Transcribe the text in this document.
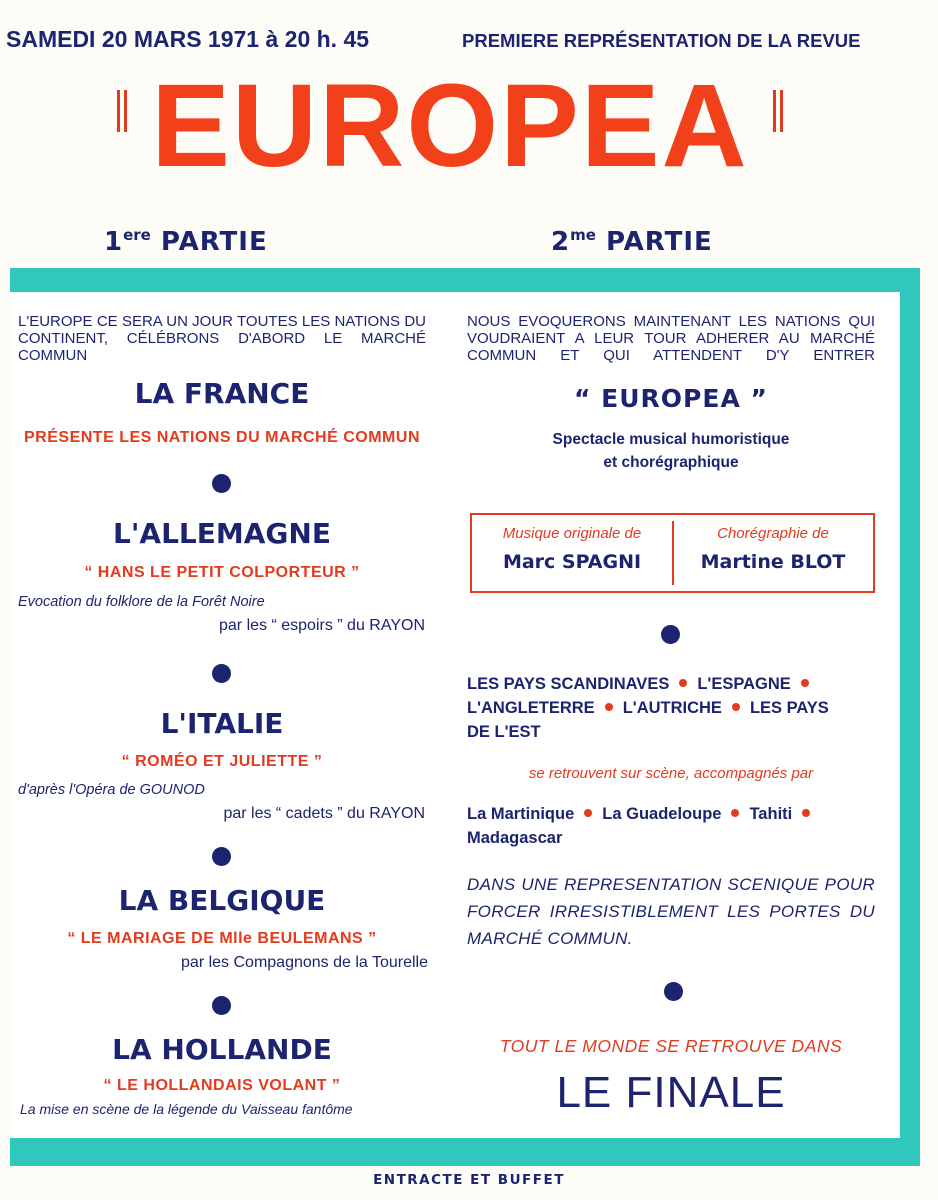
SAMEDI 20 MARS 1971 à 20 h. 45	PREMIERE REPRÉSENTATION DE LA REVUE
EUROPEA
1ere PARTIE	$2^{me}$ PARTIE
L'EUROPE CE SERA UN JOUR TOUTES LES NATIONS DU CONTINENT, CÉLÉBRONS D'ABORD LE MARCHÉ COMMUN
LA FRANCE
PRÉSENTE LES NATIONS DU MARCHÉ COMMUN
L'ALLEMAGNE
“ HANS LE PETIT COLPORTEUR ”
Evocation du folklore de la Forêt Noire
par les “ espoirs ” du RAYON
L'ITALIE
“ ROMÉO ET JULIETTE ”
d'après l'Opéra de GOUNOD
par les “ cadets ” du RAYON
LA BELGIQUE
“ LE MARIAGE DE Mlle BEULEMANS ”
par les Compagnons de la Tourelle
LA HOLLANDE
“ LE HOLLANDAIS VOLANT ”
La mise en scène de la légende du Vaisseau fantôme
NOUS EVOQUERONS MAINTENANT LES NATIONS QUI VOUDRAIENT A LEUR TOUR ADHERER AU MARCHÉ COMMUN ET QUI ATTENDENT D'Y ENTRER
“ EUROPEA ”
Spectacle musical humoristique
et chorégraphique
Musique originale de
Marc SPAGNI
Chorégraphie de
Martine BLOT
LES PAYS SCANDINAVES L'ESPAGNE
L'ANGLETERRE L'AUTRICHE LES PAYS
DE L'EST
se retrouvent sur scène, accompagnés par
La Martinique La Guadeloupe Tahiti
Madagascar
DANS UNE REPRESENTATION SCENIQUE POUR
FORCER IRRESISTIBLEMENT LES PORTES DU
MARCHÉ COMMUN.
TOUT LE MONDE SE RETROUVE DANS
LE FINALE
ENTRACTE ET BUFFET
